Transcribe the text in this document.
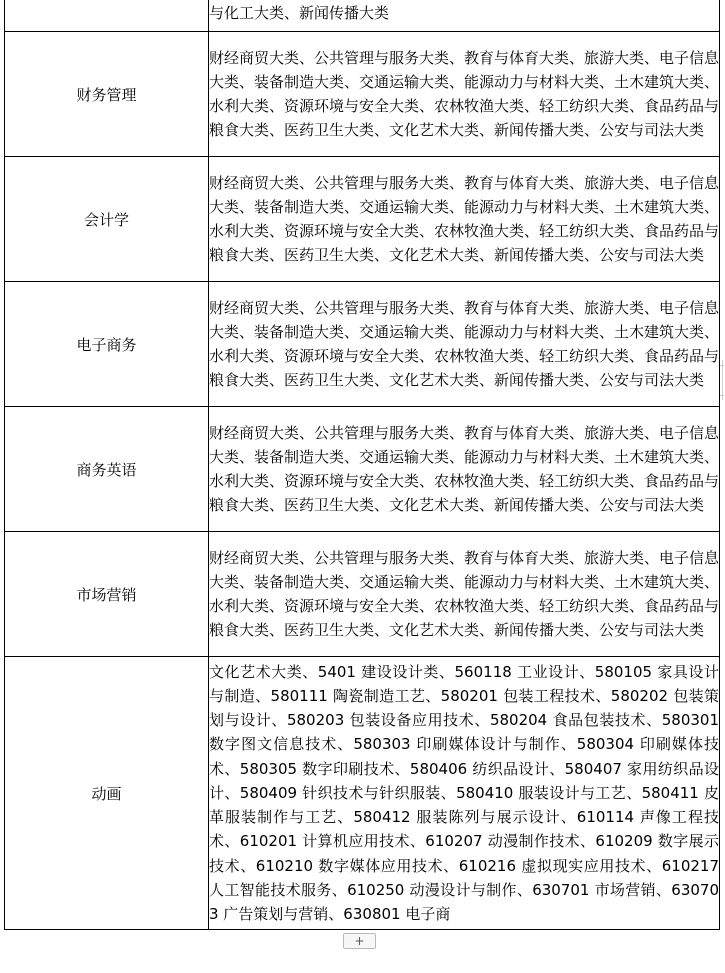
	与化工大类、新闻传播大类
财务管理	财经商贸大类、公共管理与服务大类、教育与体育大类、旅游大类、电子信息大类、装备制造大类、交通运输大类、能源动力与材料大类、土木建筑大类、水利大类、资源环境与安全大类、农林牧渔大类、轻工纺织大类、食品药品与粮食大类、医药卫生大类、文化艺术大类、新闻传播大类、公安与司法大类
会计学	财经商贸大类、公共管理与服务大类、教育与体育大类、旅游大类、电子信息大类、装备制造大类、交通运输大类、能源动力与材料大类、土木建筑大类、水利大类、资源环境与安全大类、农林牧渔大类、轻工纺织大类、食品药品与粮食大类、医药卫生大类、文化艺术大类、新闻传播大类、公安与司法大类
电子商务	财经商贸大类、公共管理与服务大类、教育与体育大类、旅游大类、电子信息大类、装备制造大类、交通运输大类、能源动力与材料大类、土木建筑大类、水利大类、资源环境与安全大类、农林牧渔大类、轻工纺织大类、食品药品与粮食大类、医药卫生大类、文化艺术大类、新闻传播大类、公安与司法大类
商务英语	财经商贸大类、公共管理与服务大类、教育与体育大类、旅游大类、电子信息大类、装备制造大类、交通运输大类、能源动力与材料大类、土木建筑大类、水利大类、资源环境与安全大类、农林牧渔大类、轻工纺织大类、食品药品与粮食大类、医药卫生大类、文化艺术大类、新闻传播大类、公安与司法大类
市场营销	财经商贸大类、公共管理与服务大类、教育与体育大类、旅游大类、电子信息大类、装备制造大类、交通运输大类、能源动力与材料大类、土木建筑大类、水利大类、资源环境与安全大类、农林牧渔大类、轻工纺织大类、食品药品与粮食大类、医药卫生大类、文化艺术大类、新闻传播大类、公安与司法大类
动画	文化艺术大类、5401 建设设计类、560118 工业设计、580105 家具设计与制造、580111 陶瓷制造工艺、580201 包装工程技术、580202 包装策划与设计、580203 包装设备应用技术、580204 食品包装技术、580301 数字图文信息技术、580303 印刷媒体设计与制作、580304 印刷媒体技术、580305 数字印刷技术、580406 纺织品设计、580407 家用纺织品设计、580409 针织技术与针织服装、580410 服装设计与工艺、580411 皮革服装制作与工艺、580412 服装陈列与展示设计、610114 声像工程技术、610201 计算机应用技术、610207 动漫制作技术、610209 数字展示技术、610210 数字媒体应用技术、610216 虚拟现实应用技术、610217 人工智能技术服务、610250 动漫设计与制作、630701 市场营销、630703 广告策划与营销、630801 电子商
+
